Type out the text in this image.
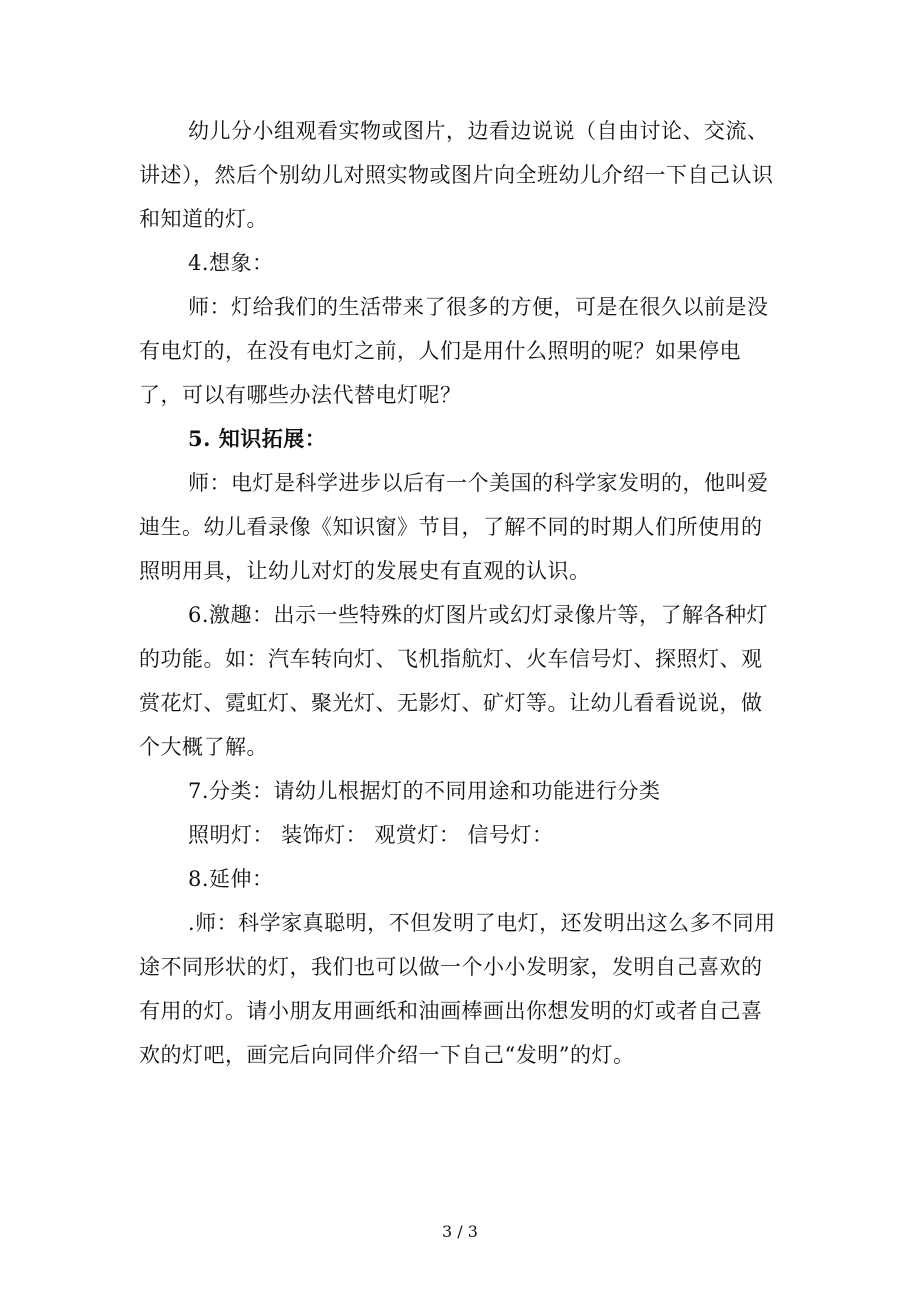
幼儿分小组观看实物或图片，边看边说说（自由讨论、交流、讲述），然后个别幼儿对照实物或图片向全班幼儿介绍一下自己认识和知道的灯。

4.想象：

师：灯给我们的生活带来了很多的方便，可是在很久以前是没有电灯的，在没有电灯之前，人们是用什么照明的呢？如果停电了，可以有哪些办法代替电灯呢？

5. 知识拓展：

师：电灯是科学进步以后有一个美国的科学家发明的，他叫爱迪生。幼儿看录像《知识窗》节目，了解不同的时期人们所使用的照明用具，让幼儿对灯的发展史有直观的认识。

6.激趣：出示一些特殊的灯图片或幻灯录像片等，了解各种灯的功能。如：汽车转向灯、飞机指航灯、火车信号灯、探照灯、观赏花灯、霓虹灯、聚光灯、无影灯、矿灯等。让幼儿看看说说，做个大概了解。

7.分类：请幼儿根据灯的不同用途和功能进行分类

照明灯： 装饰灯： 观赏灯： 信号灯：

8.延伸：

.师：科学家真聪明，不但发明了电灯，还发明出这么多不同用途不同形状的灯，我们也可以做一个小小发明家，发明自己喜欢的有用的灯。请小朋友用画纸和油画棒画出你想发明的灯或者自己喜欢的灯吧，画完后向同伴介绍一下自己“发明”的灯。

3 / 3
